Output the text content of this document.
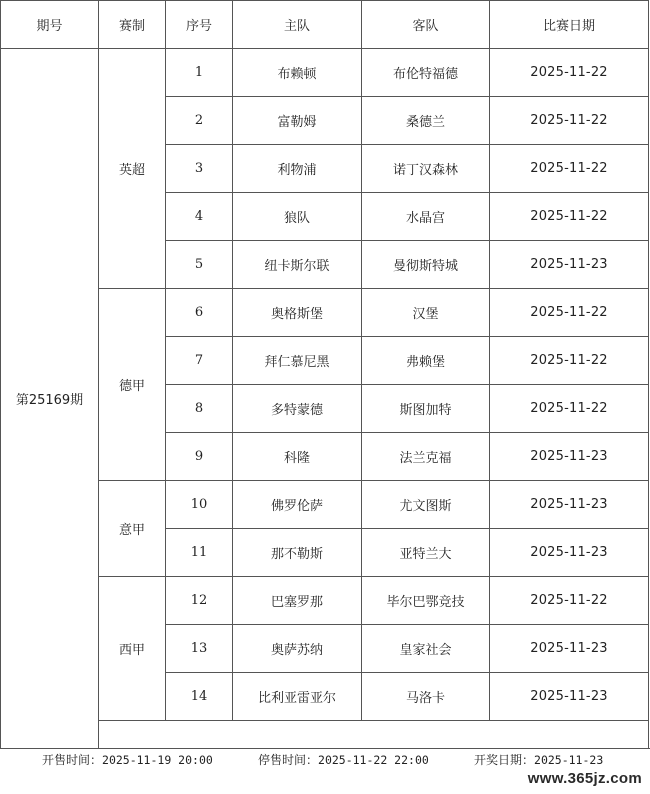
期号	赛制	序号	主队	客队	比赛日期
第25169期	英超	1	布赖顿	布伦特福德	2025-11-22
		2	富勒姆	桑德兰	2025-11-22
		3	利物浦	诺丁汉森林	2025-11-22
		4	狼队	水晶宫	2025-11-22
		5	纽卡斯尔联	曼彻斯特城	2025-11-23
	德甲	6	奥格斯堡	汉堡	2025-11-22
		7	拜仁慕尼黑	弗赖堡	2025-11-22
		8	多特蒙德	斯图加特	2025-11-22
		9	科隆	法兰克福	2025-11-23
	意甲	10	佛罗伦萨	尤文图斯	2025-11-23
		11	那不勒斯	亚特兰大	2025-11-23
	西甲	12	巴塞罗那	毕尔巴鄂竞技	2025-11-22
		13	奥萨苏纳	皇家社会	2025-11-23
		14	比利亚雷亚尔	马洛卡	2025-11-23

开售时间：2025-11-19 20:00	停售时间：2025-11-22 22:00	开奖日期：2025-11-23
www.365jz.com
